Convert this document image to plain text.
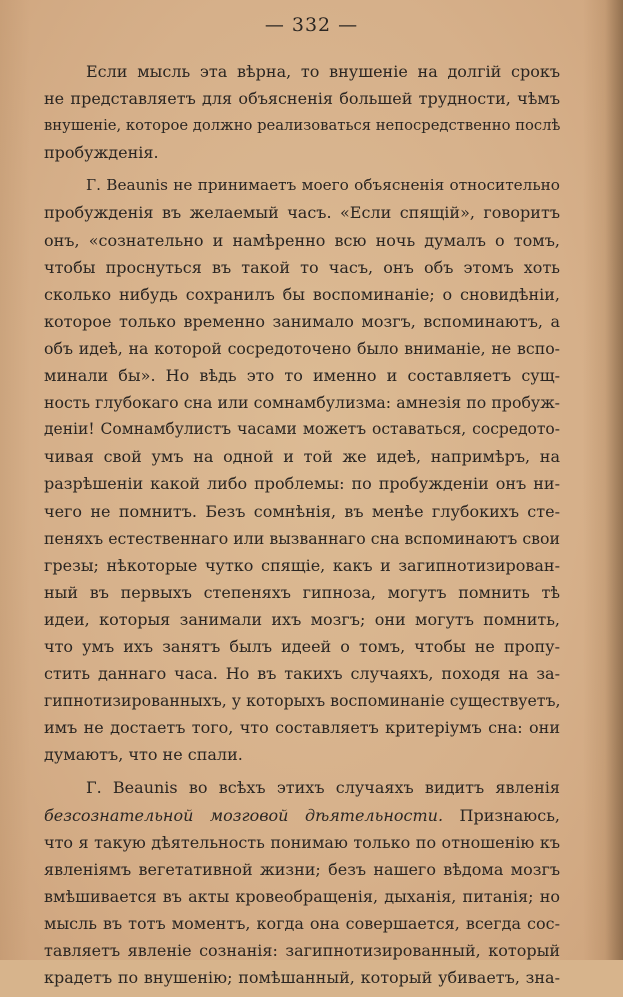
— 332 —
Если мысль эта вѣрна, то внушеніе на долгій срокъ
не представляетъ для объясненія большей трудности, чѣмъ
внушеніе, которое должно реализоваться непосредственно послѣ
пробужденія.
Г. Beaunis не принимаетъ моего объясненія относительно
пробужденія въ желаемый часъ. «Если спящій», говоритъ
онъ, «сознательно и намѣренно всю ночь думалъ о томъ,
чтобы проснуться въ такой то часъ, онъ объ этомъ хоть
сколько нибудь сохранилъ бы воспоминаніе; о сновидѣніи,
которое только временно занимало мозгъ, вспоминаютъ, а
объ идеѣ, на которой сосредоточено было вниманіе, не вспо-
минали бы». Но вѣдь это то именно и составляетъ сущ-
ность глубокаго сна или сомнамбулизма: амнезія по пробуж-
деніи! Сомнамбулистъ часами можетъ оставаться, сосредото-
чивая свой умъ на одной и той же идеѣ, напримѣръ, на
разрѣшеніи какой либо проблемы: по пробужденіи онъ ни-
чего не помнитъ. Безъ сомнѣнія, въ менѣе глубокихъ сте-
пеняхъ естественнаго или вызваннаго сна вспоминаютъ свои
грезы; нѣкоторые чутко спящіе, какъ и загипнотизирован-
ный въ первыхъ степеняхъ гипноза, могутъ помнить тѣ
идеи, которыя занимали ихъ мозгъ; они могутъ помнить,
что умъ ихъ занятъ былъ идеей о томъ, чтобы не пропу-
стить даннаго часа. Но въ такихъ случаяхъ, походя на за-
гипнотизированныхъ, у которыхъ воспоминаніе существуетъ,
имъ не достаетъ того, что составляетъ критеріумъ сна: они
думаютъ, что не спали.
Г. Beaunis во всѣхъ этихъ случаяхъ видитъ явленія
безсознательной мозговой дѣятельности. Признаюсь,
что я такую дѣятельность понимаю только по отношенію къ
явленіямъ вегетативной жизни; безъ нашего вѣдома мозгъ
вмѣшивается въ акты кровеобращенія, дыханія, питанія; но
мысль въ тотъ моментъ, когда она совершается, всегда сос-
тавляетъ явленіе сознанія: загипнотизированный, который
крадетъ по внушенію; помѣшанный, который убиваетъ, зна-
